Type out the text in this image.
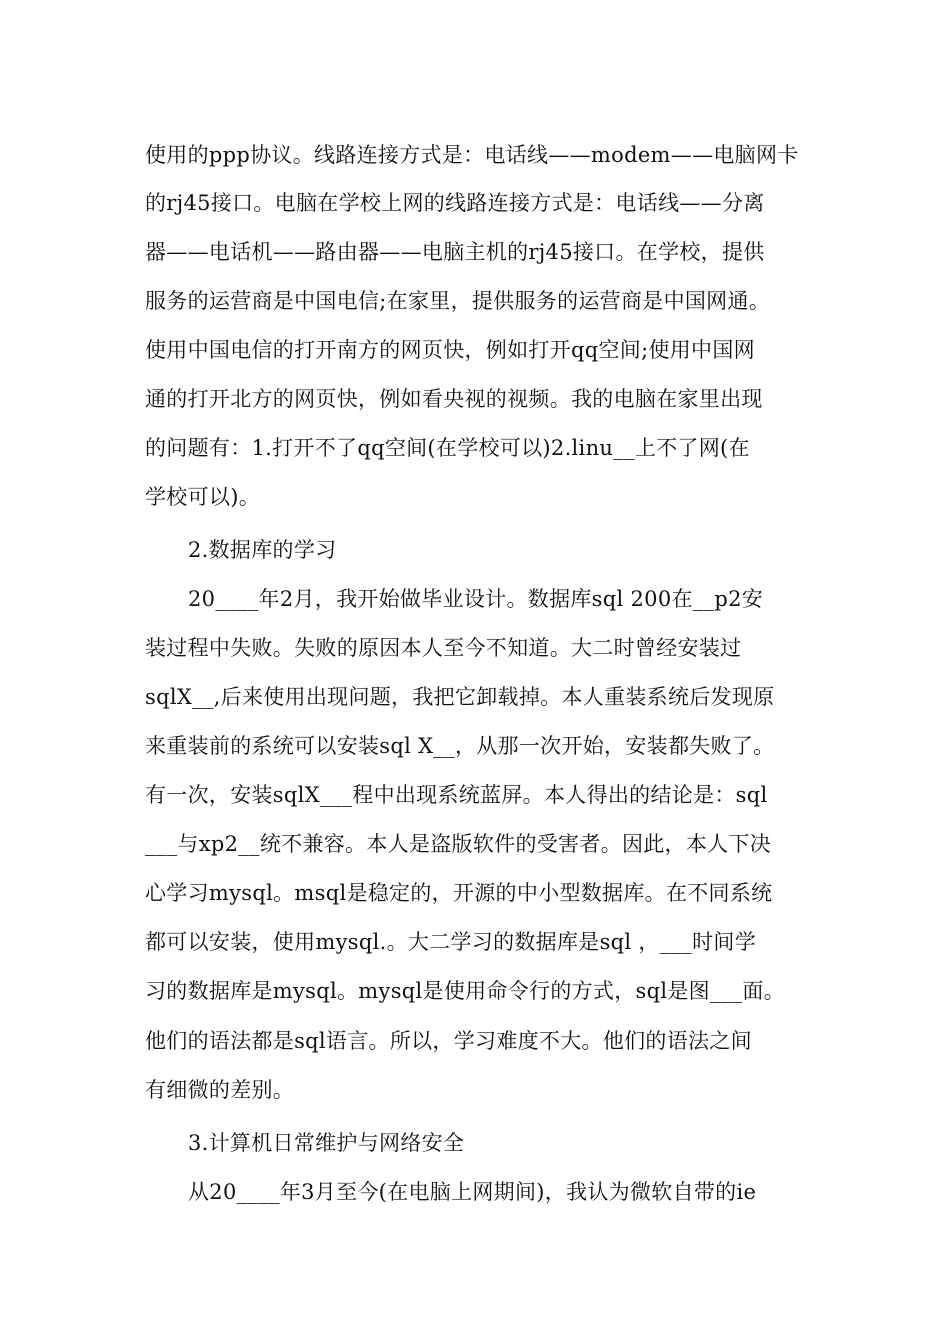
使用的ppp协议。线路连接方式是：电话线——modem——电脑网卡
的rj45接口。电脑在学校上网的线路连接方式是：电话线——分离
器——电话机——路由器——电脑主机的rj45接口。在学校，提供
服务的运营商是中国电信;在家里，提供服务的运营商是中国网通。
使用中国电信的打开南方的网页快，例如打开qq空间;使用中国网
通的打开北方的网页快，例如看央视的视频。我的电脑在家里出现
的问题有：1.打开不了qq空间(在学校可以)2.linu__上不了网(在
学校可以)。
2.数据库的学习
20____年2月，我开始做毕业设计。数据库sql 200在__p2安
装过程中失败。失败的原因本人至今不知道。大二时曾经安装过
sqlX__,后来使用出现问题，我把它卸载掉。本人重装系统后发现原
来重装前的系统可以安装sql X__，从那一次开始，安装都失败了。
有一次，安装sqlX___程中出现系统蓝屏。本人得出的结论是：sql
___与xp2__统不兼容。本人是盗版软件的受害者。因此，本人下决
心学习mysql。msql是稳定的，开源的中小型数据库。在不同系统
都可以安装，使用mysql.。大二学习的数据库是sql ，___时间学
习的数据库是mysql。mysql是使用命令行的方式，sql是图___面。
他们的语法都是sql语言。所以，学习难度不大。他们的语法之间
有细微的差别。
3.计算机日常维护与网络安全
从20____年3月至今(在电脑上网期间)，我认为微软自带的ie
